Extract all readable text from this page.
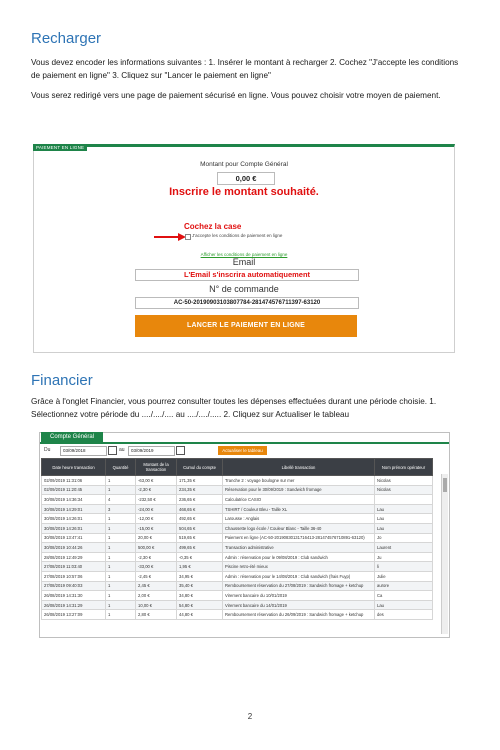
Recharger
Vous devez encoder les informations suivantes : 1. Insérer le montant à recharger 2. Cochez "J'accepte les conditions de paiement en ligne" 3. Cliquez sur "Lancer le paiement en ligne"
Vous serez redirigé vers une page de paiement sécurisé en ligne. Vous pouvez choisir votre moyen de paiement.
PAIEMENT EN LIGNE
Montant pour Compte Général
0,00 €
Inscrire le montant souhaité.
Cochez la case
J'accepte les conditions de paiement en ligne
Afficher les conditions de paiement en ligne
Email
L'Email s'inscrira automatiquement
N° de commande
AC-50-20190903103807784-281474576711397-63120
LANCER LE PAIEMENT EN LIGNE
Financier
Grâce à l'onglet Financier, vous pourrez consulter toutes les dépenses effectuées durant une période choisie. 1. Sélectionnez votre période du ..../..../.... au ..../..../..... 2. Cliquez sur Actualiser le tableau
Compte Général
Du	03/09/2018	au	03/09/2019	Actualiser le tableau
Date heure transaction	Quantité	Montant de la transaction	Cumul du compte	Libellé transaction	Nom prénom opérateur
02/09/2019 11:31:06	1	-63,00 €	171,35 €	Tranche 2 : voyage boulogne sur mer	Nicolas
02/09/2019 11:20:45	1	-2,30 €	234,35 €	Réservation pour le 30/09/2019 : Sandwich fromage	Nicolas
30/08/2019 14:36:34	4	-232,50 €	236,65 €	Calculatrice CASIO	
30/08/2019 14:29:01	3	-24,00 €	468,65 €	TSHIRT / Couleur Bleu - Taille XL	Lau
30/08/2019 14:26:01	1	-12,00 €	492,65 €	Larousse : Anglais	Lau
30/08/2019 14:26:01	1	-15,00 €	504,65 €	Chaussette logo école / Couleur Blanc - Taille 36-40	Lau
30/08/2019 13:47:41	1	20,00 €	519,65 €	Paiement en ligne (AC-50-20190830131716413-281474576710891-63120)	Jo
30/08/2019 10:44:26	1	500,00 €	499,65 €	Transaction administrative	Laurent
28/08/2019 12:49:29	1	-2,30 €	-0,35 €	Admin : réservation pour le 09/08/2019 : Club sandwich	Ju
27/08/2019 11:03:40	1	-33,00 €	1,95 €	Piscine retro-été mieux	li
27/08/2019 10:57:06	1	-2,45 €	34,95 €	Admin : réservation pour le 14/08/2019 : Club sandwich (frais Fuyp)	Julie
27/08/2019 09:40:03	1	2,45 €	35,40 €	Remboursement réservation du 27/08/2019 : Sandwich fromage + ketchup	aurore
26/08/2019 14:31:30	1	2,00 €	34,80 €	Virement bancaire du 10/01/2019	Ca
26/08/2019 14:31:29	1	10,00 €	54,80 €	Virement bancaire du 14/01/2019	Lau
26/08/2019 13:27:09	1	2,80 €	44,80 €	Remboursement réservation du 26/09/2019 : Sandwich fromage + ketchup	des
2
